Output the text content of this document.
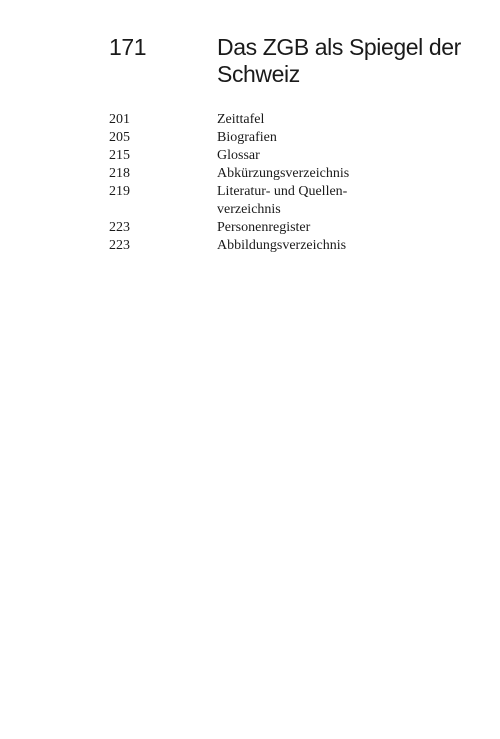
171	Das ZGB als Spiegel der Schweiz
201	Zeittafel
205	Biografien
215	Glossar
218	Abkürzungsverzeichnis
219	Literatur- und Quellen-verzeichnis
223	Personenregister
223	Abbildungsverzeichnis
